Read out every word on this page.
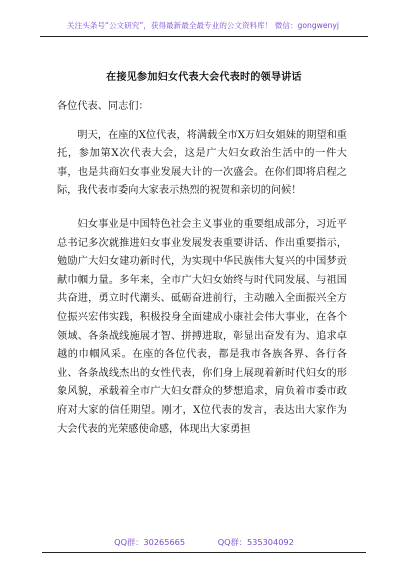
关注头条号“公文研究”，获得最新最全最专业的公文资料库！ 微信：gongwenyj
在接见参加妇女代表大会代表时的领导讲话

各位代表、同志们：

明天，在座的X位代表，将满载全市X万妇女姐妹的期望和重托，参加第X次代表大会，这是广大妇女政治生活中的一件大事，也是共商妇女事业发展大计的一次盛会。在你们即将启程之际，我代表市委向大家表示热烈的祝贺和亲切的问候！

妇女事业是中国特色社会主义事业的重要组成部分，习近平总书记多次就推进妇女事业发展发表重要讲话、作出重要指示，勉励广大妇女建功新时代，为实现中华民族伟大复兴的中国梦贡献巾帼力量。多年来，全市广大妇女始终与时代同发展、与祖国共奋进，勇立时代潮头、砥砺奋进前行，主动融入全面振兴全方位振兴宏伟实践，积极投身全面建成小康社会伟大事业，在各个领域、各条战线施展才智、拼搏进取，彰显出奋发有为、追求卓越的巾帼风采。在座的各位代表，都是我市各族各界、各行各业、各条战线杰出的女性代表，你们身上展现着新时代妇女的形象风貌，承载着全市广大妇女群众的梦想追求，肩负着市委市政府对大家的信任期望。刚才，X位代表的发言，表达出大家作为大会代表的光荣感使命感，体现出大家勇担

QQ群：30265665	QQ群：535304092
